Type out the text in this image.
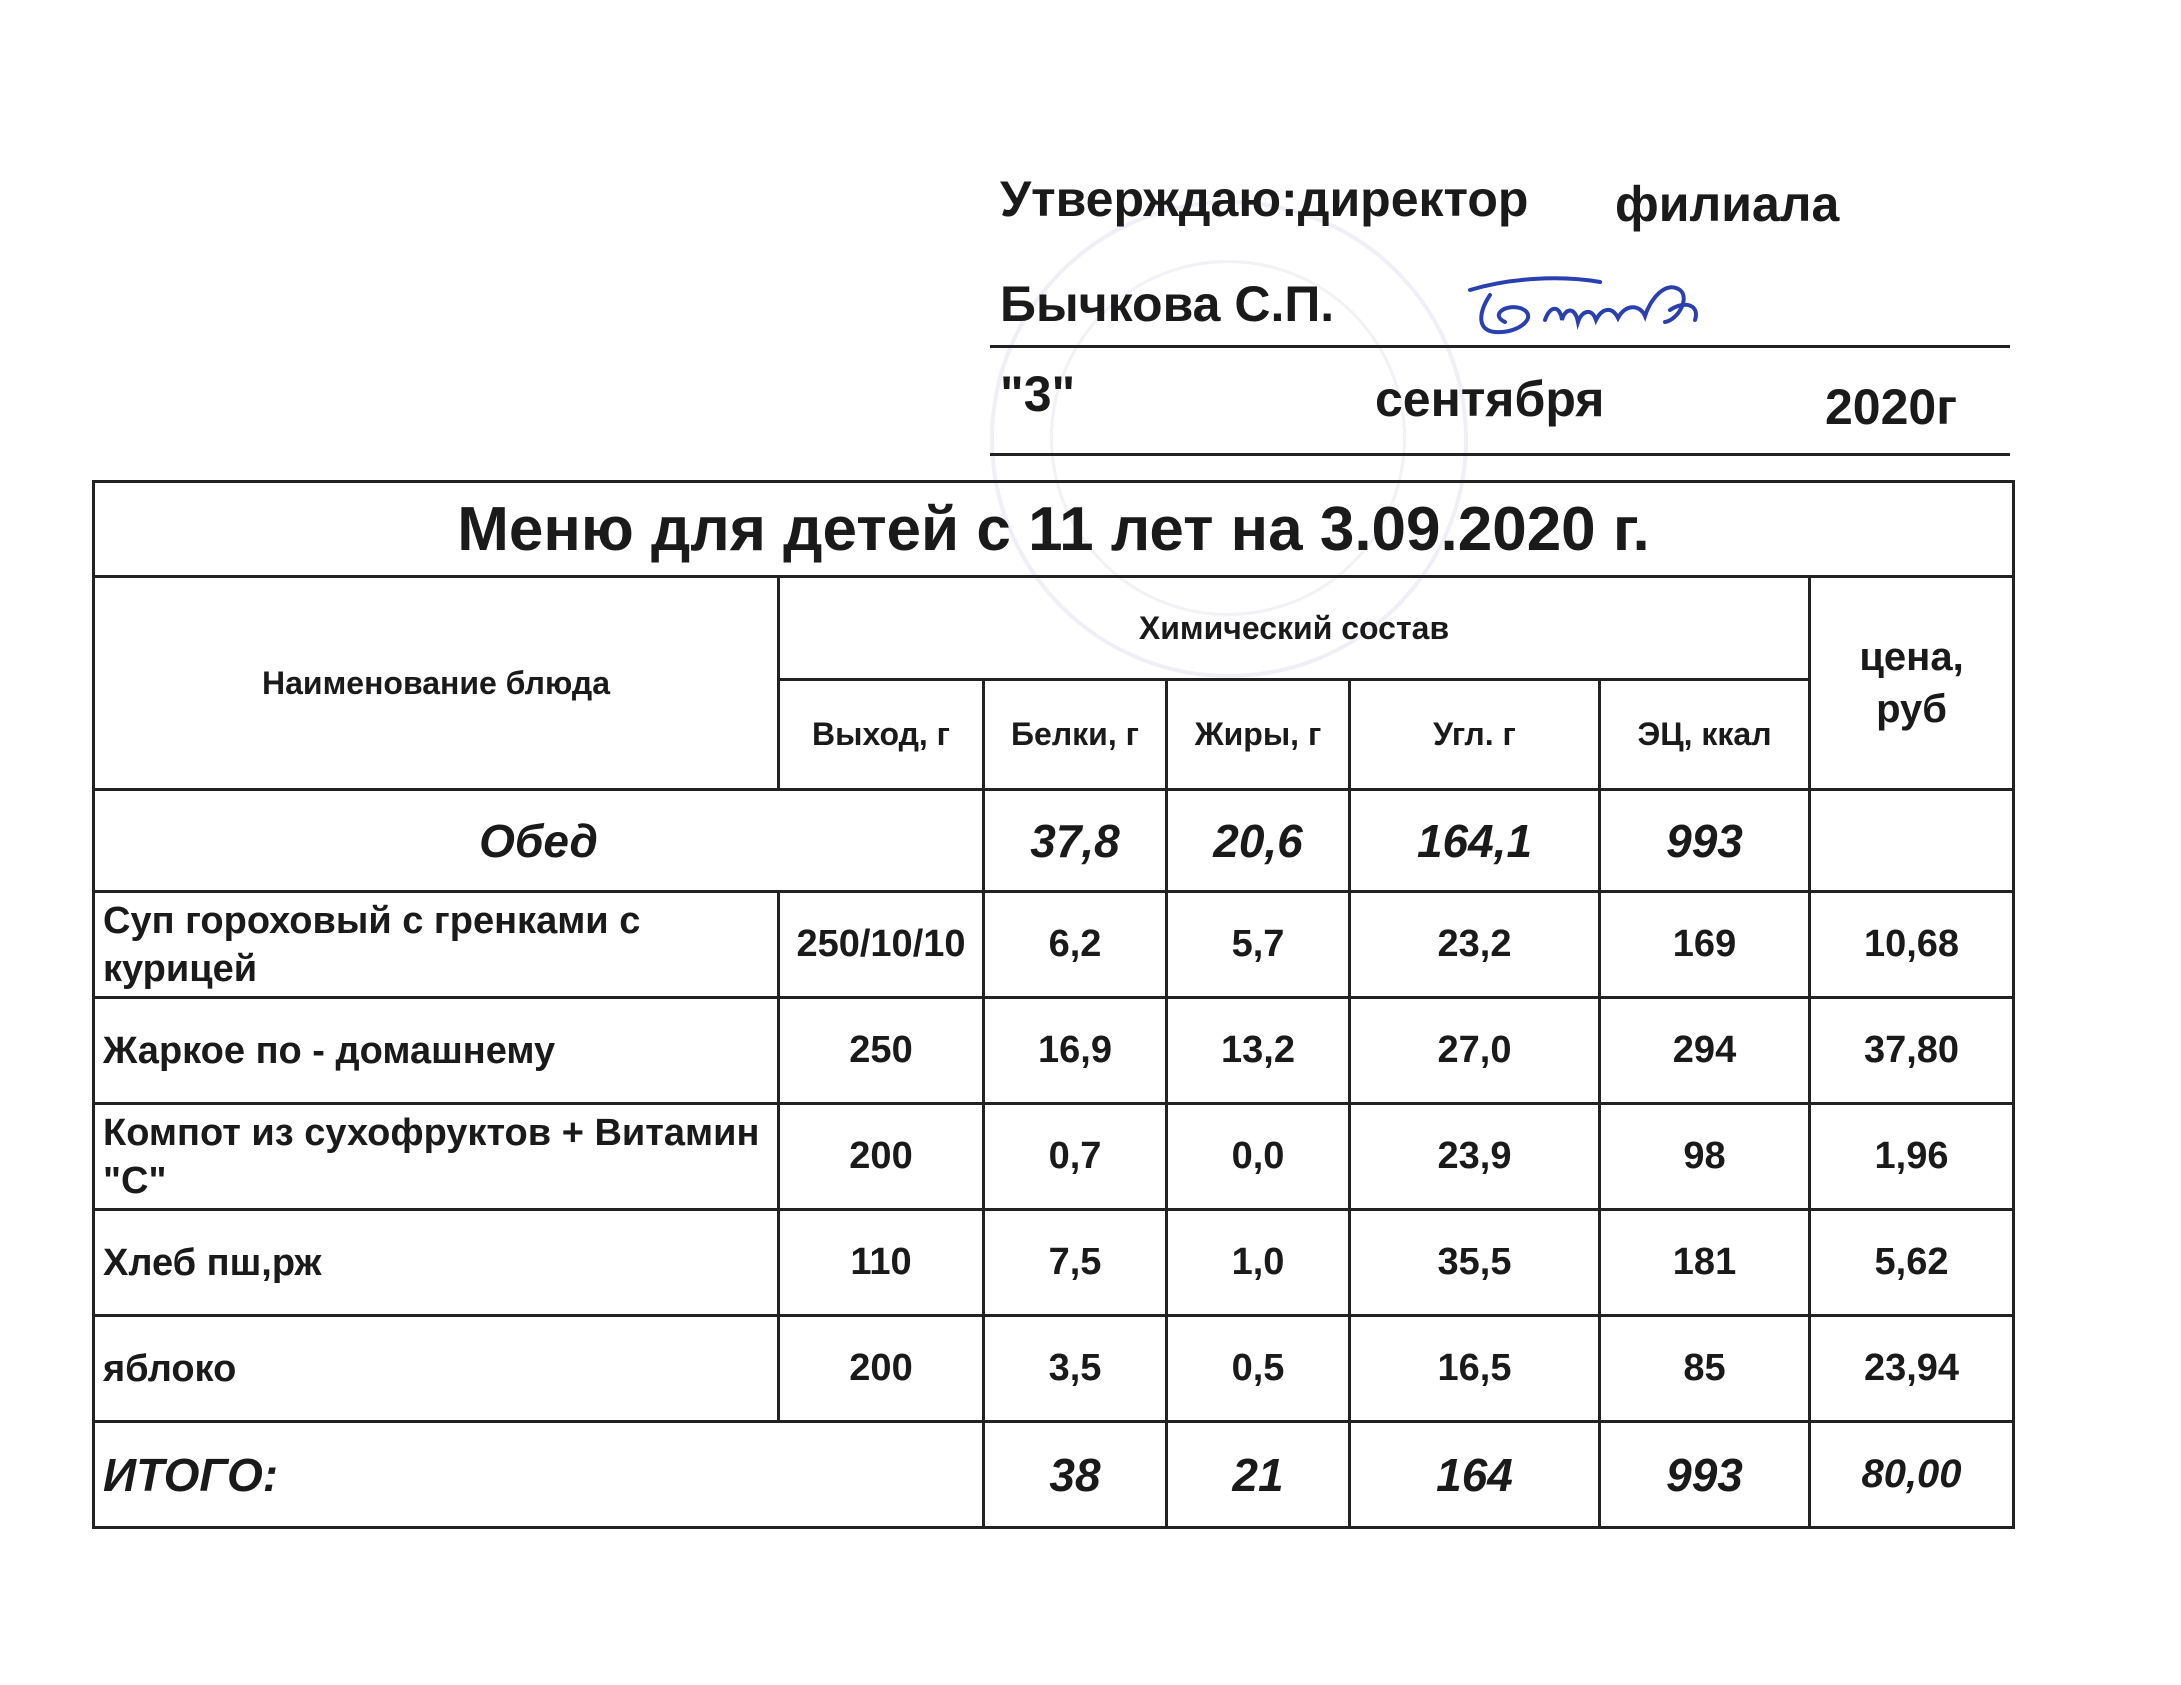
Утверждаю:директор филиала
Бычкова С.П.
"3"	сентября	2020г
Меню для детей с 11 лет на 3.09.2020 г.						
Наименование блюда	Химический состав					цена, руб
	Выход, г	Белки, г	Жиры, г	Угл. г	ЭЦ, ккал	
Обед		37,8	20,6	164,1	993	
Суп гороховый с гренками с курицей	250/10/10	6,2	5,7	23,2	169	10,68
Жаркое по - домашнему	250	16,9	13,2	27,0	294	37,80
Компот из сухофруктов + Витамин "С"	200	0,7	0,0	23,9	98	1,96
Хлеб пш,рж	110	7,5	1,0	35,5	181	5,62
яблоко	200	3,5	0,5	16,5	85	23,94
ИТОГО:		38	21	164	993	80,00
